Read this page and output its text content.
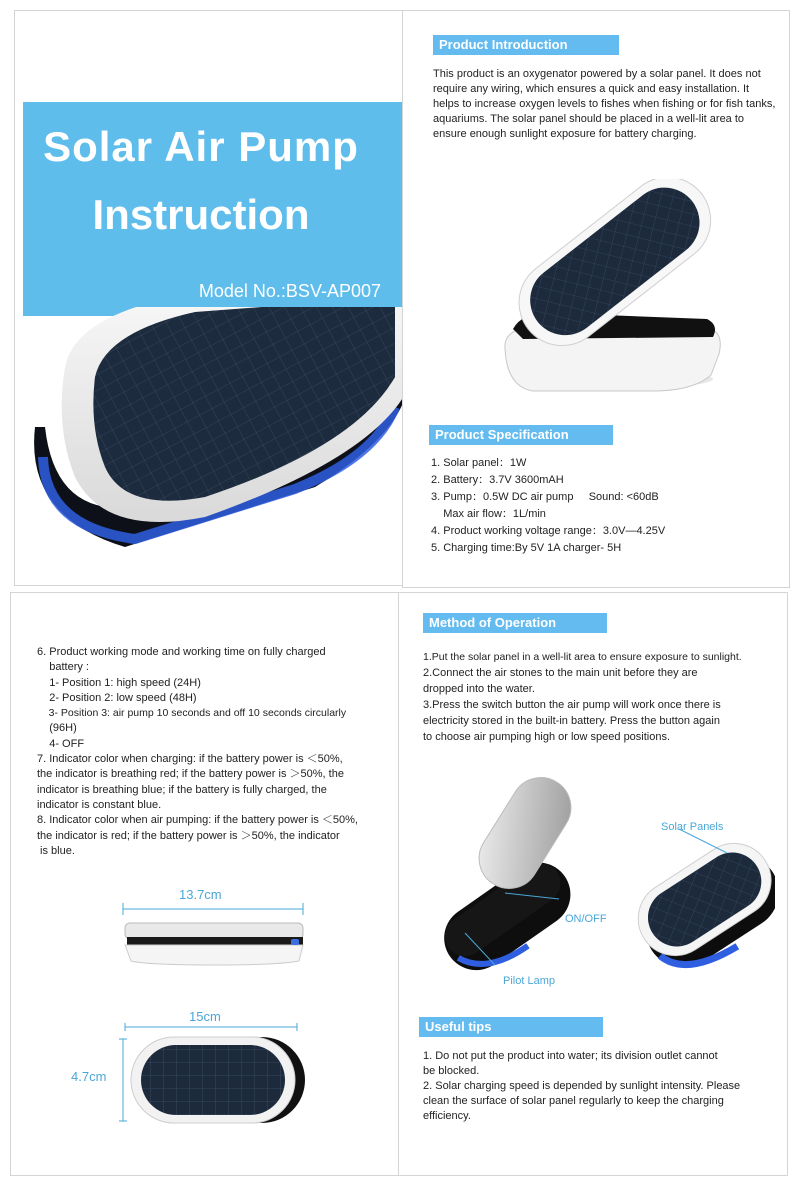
Solar Air Pump
Instruction
Model No.:BSV-AP007
Product Introduction
This product is an oxygenator powered by a solar panel. It does not require any wiring, which ensures a quick and easy installation. It helps to increase oxygen levels to fishes when fishing or for fish tanks, aquariums. The solar panel should be placed in a well-lit area to ensure enough sunlight exposure for battery charging.
Product Specification

1. Solar panel：1W

2. Battery：3.7V 3600mAH

3. Pump：0.5W DC air pump     Sound: <60dB

Max air flow：1L/min

4. Product working voltage range：3.0V—4.25V

5. Charging time:By 5V 1A charger- 5H

6. Product working mode and working time on fully charged

battery :

1- Position 1: high speed (24H)

2- Position 2: low speed (48H)

3- Position 3: air pump 10 seconds and off 10 seconds circularly

(96H)

4- OFF

7. Indicator color when charging: if the battery power is ＜50%,

the indicator is breathing red; if the battery power is ＞50%, the

indicator is breathing blue; if the battery is fully charged, the

indicator is constant blue.

8. Indicator color when air pumping: if the battery power is ＜50%,

the indicator is red; if the battery power is ＞50%, the indicator

is blue.

13.7cm
15cm
4.7cm
Method of Operation

1.Put the solar panel in a well-lit area to ensure exposure to sunlight.

2.Connect the air stones to the main unit before they are

dropped into the water.

3.Press the switch button the air pump will work once there is

electricity stored in the built-in battery. Press the button again

to choose air pumping high or low speed positions.

Solar Panels
ON/OFF
Pilot Lamp
Useful tips

1. Do not put the product into water; its division outlet cannot

be blocked.

2. Solar charging speed is depended by sunlight intensity. Please

clean the surface of solar panel regularly to keep the charging

efficiency.
